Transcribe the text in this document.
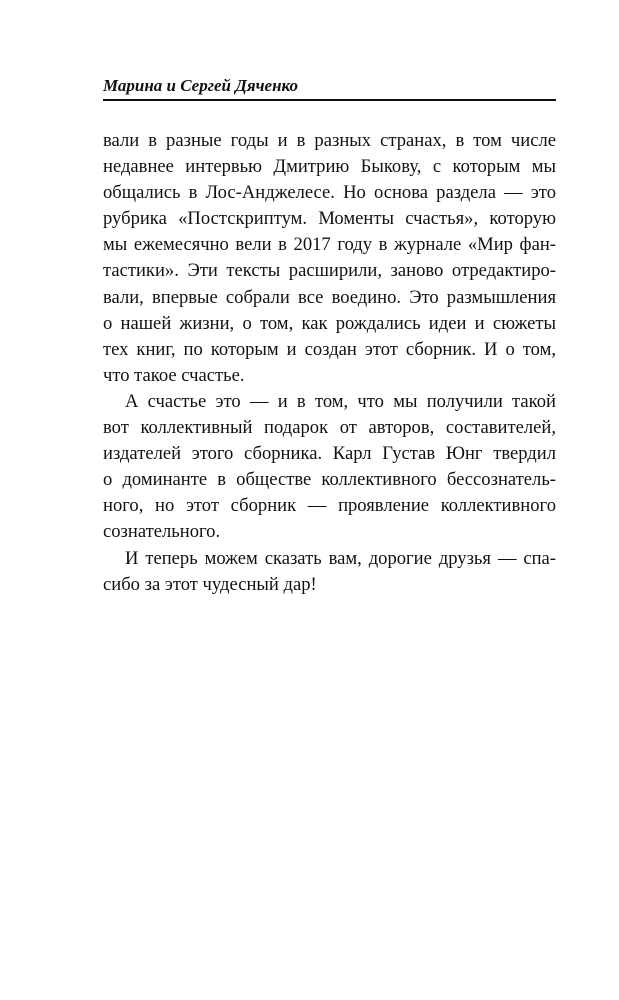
Марина и Сергей Дяченко

вали в разные годы и в разных странах, в том числе
недавнее интервью Дмитрию Быкову, с которым мы
общались в Лос-Анджелесе. Но основа раздела — это
рубрика «Постскриптум. Моменты счастья», которую
мы ежемесячно вели в 2017 году в журнале «Мир фан-
тастики». Эти тексты расширили, заново отредактиро-
вали, впервые собрали все воедино. Это размышления
о нашей жизни, о том, как рождались идеи и сюжеты
тех книг, по которым и создан этот сборник. И о том,
что такое счастье.

А счастье это — и в том, что мы получили такой
вот коллективный подарок от авторов, составителей,
издателей этого сборника. Карл Густав Юнг твердил
о доминанте в обществе коллективного бессознатель-
ного, но этот сборник — проявление коллективного
сознательного.

И теперь можем сказать вам, дорогие друзья — спа-
сибо за этот чудесный дар!
